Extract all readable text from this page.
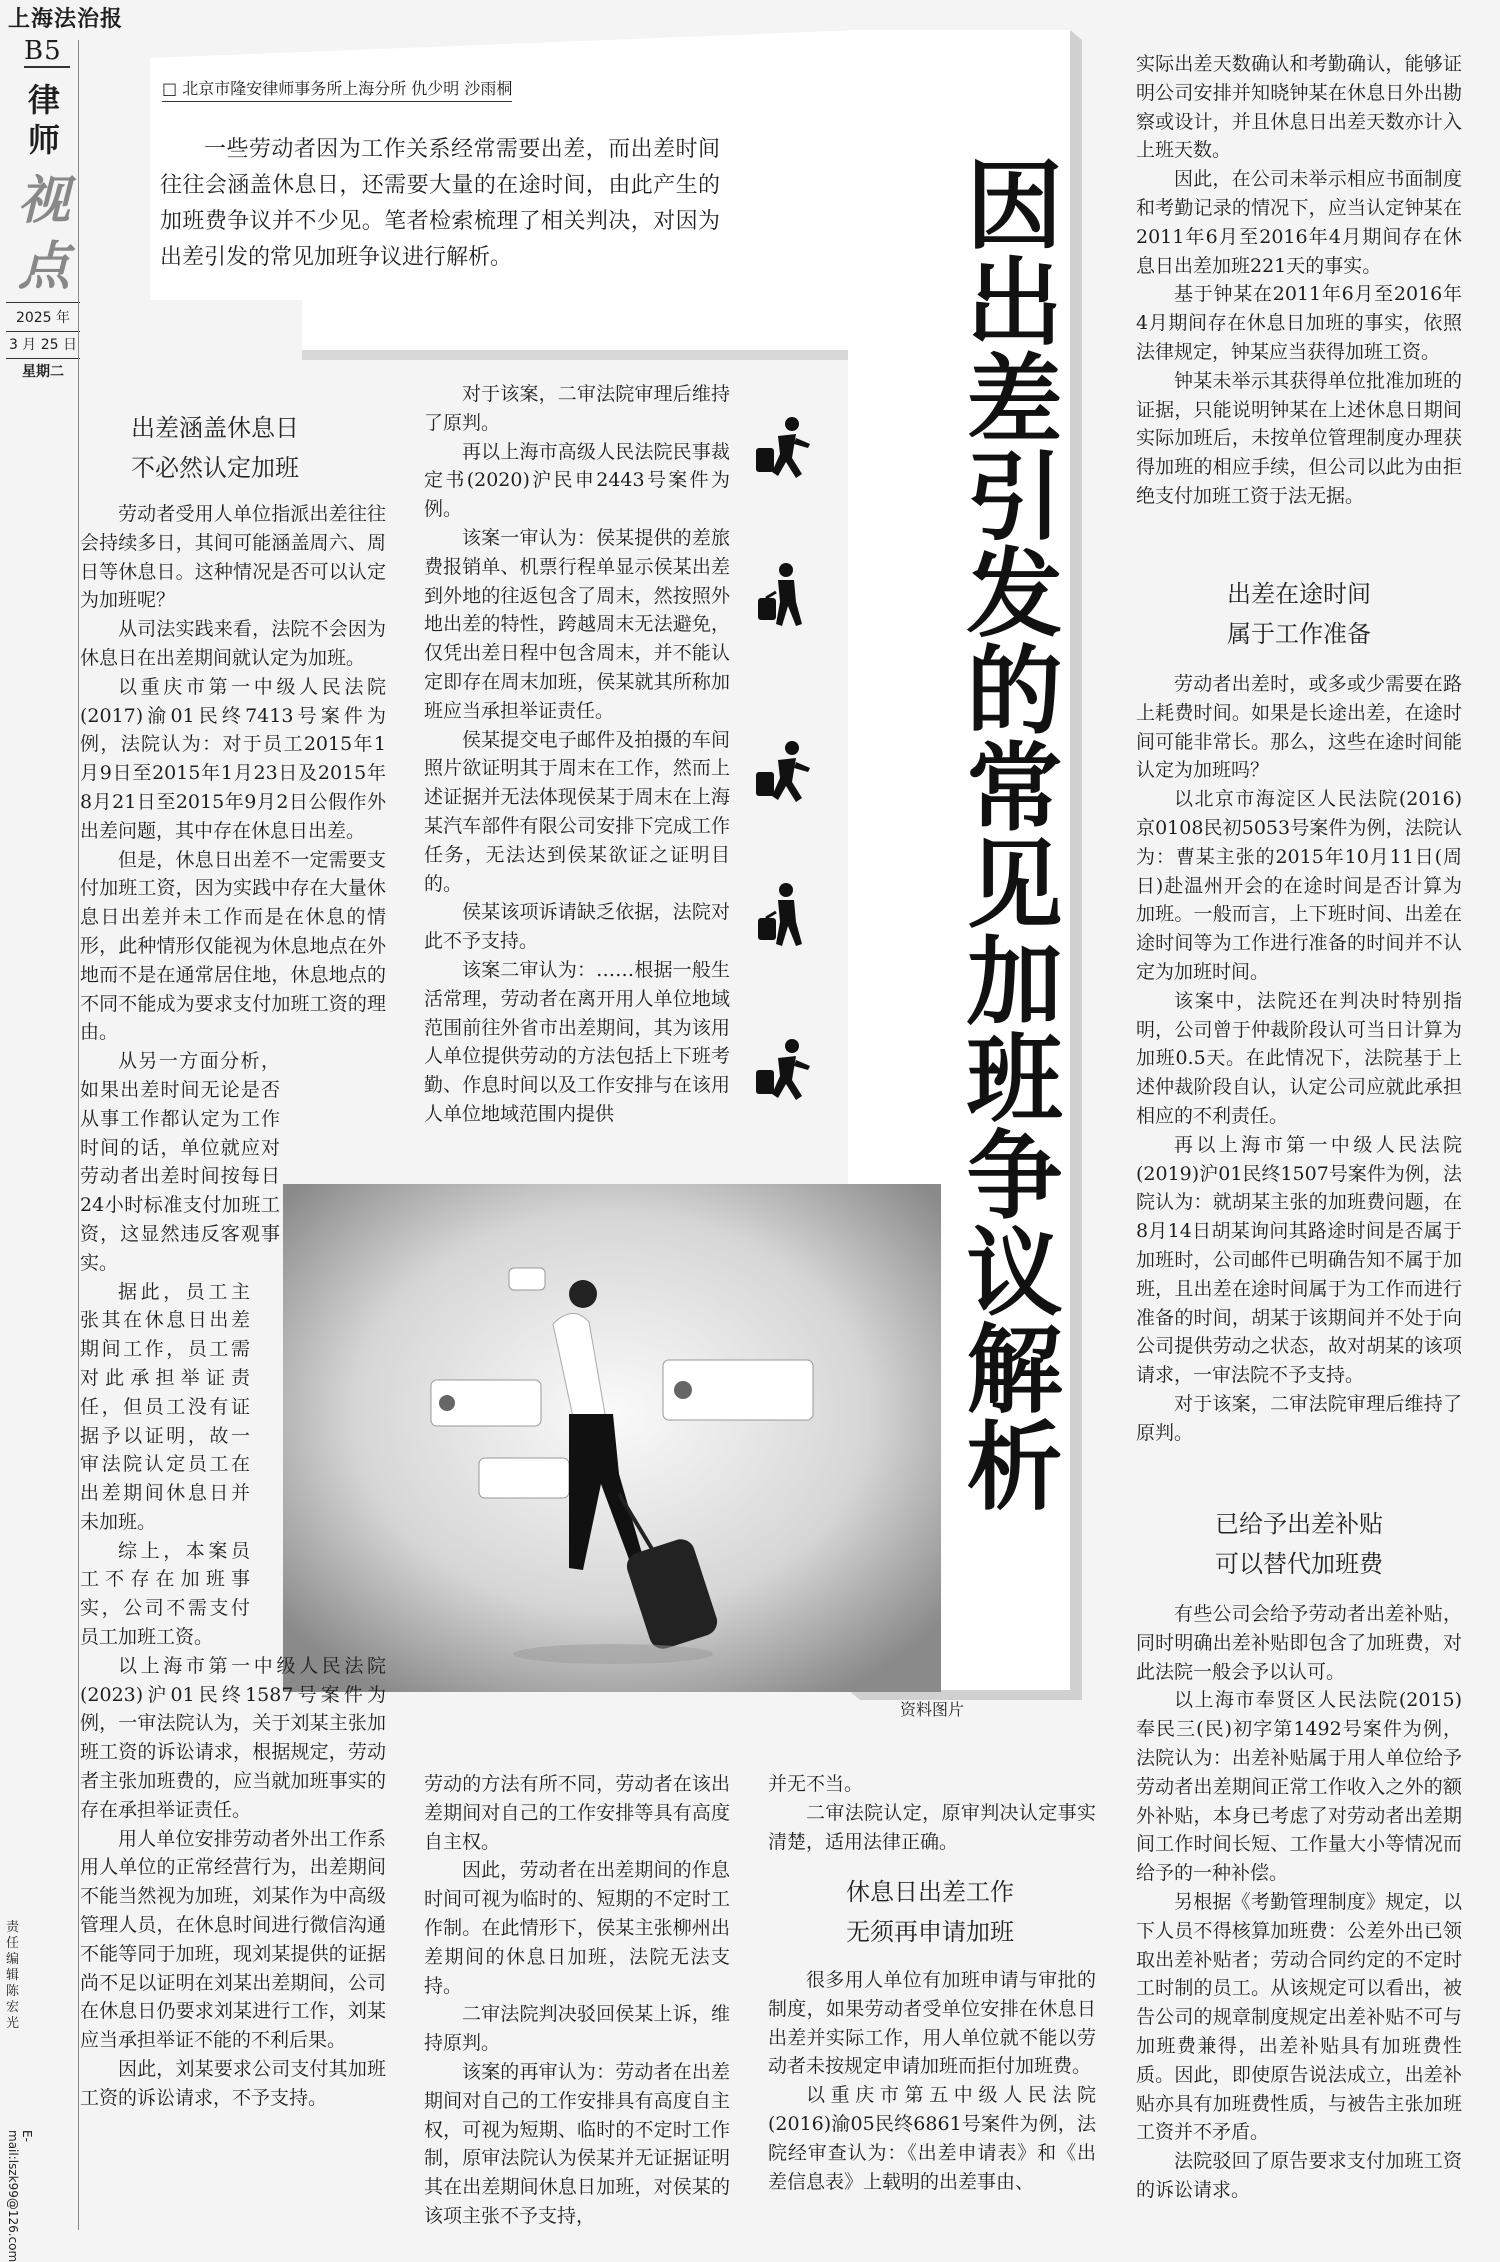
上海法治报
B5
律师
视点
2025 年
3 月 25 日
星期二
责任编辑 陈宏光
E-mail:lszk99@126.com
□ 北京市隆安律师事务所上海分所 仇少明 沙雨桐

一些劳动者因为工作关系经常需要出差，而出差时间往往会涵盖休息日，还需要大量的在途时间，由此产生的加班费争议并不少见。笔者检索梳理了相关判决，对因为出差引发的常见加班争议进行解析。	因出差引发的常见加班争议解析
资料图片
出差涵盖休息日
不必然认定加班

劳动者受用人单位指派出差往往会持续多日，其间可能涵盖周六、周日等休息日。这种情况是否可以认定为加班呢？

从司法实践来看，法院不会因为休息日在出差期间就认定为加班。

以重庆市第一中级人民法院(2017)渝01民终7413号案件为例，法院认为：对于员工2015年1月9日至2015年1月23日及2015年8月21日至2015年9月2日公假作外出差问题，其中存在休息日出差。

但是，休息日出差不一定需要支付加班工资，因为实践中存在大量休息日出差并未工作而是在休息的情形，此种情形仅能视为休息地点在外地而不是在通常居住地，休息地点的不同不能成为要求支付加班工资的理由。

从另一方面分析，如果出差时间无论是否从事工作都认定为工作时间的话，单位就应对劳动者出差时间按每日24小时标准支付加班工资，这显然违反客观事实。

据此，员工主张其在休息日出差期间工作，员工需对此承担举证责任，但员工没有证据予以证明，故一审法院认定员工在出差期间休息日并未加班。

综上，本案员工不存在加班事实，公司不需支付员工加班工资。

以上海市第一中级人民法院(2023)沪01民终1587号案件为例，一审法院认为，关于刘某主张加班工资的诉讼请求，根据规定，劳动者主张加班费的，应当就加班事实的存在承担举证责任。

用人单位安排劳动者外出工作系用人单位的正常经营行为，出差期间不能当然视为加班，刘某作为中高级管理人员，在休息时间进行微信沟通不能等同于加班，现刘某提供的证据尚不足以证明在刘某出差期间，公司在休息日仍要求刘某进行工作，刘某应当承担举证不能的不利后果。

因此，刘某要求公司支付其加班工资的诉讼请求，不予支持。

对于该案，二审法院审理后维持了原判。

再以上海市高级人民法院民事裁定书(2020)沪民申2443号案件为例。

该案一审认为：侯某提供的差旅费报销单、机票行程单显示侯某出差到外地的往返包含了周末，然按照外地出差的特性，跨越周末无法避免，仅凭出差日程中包含周末，并不能认定即存在周末加班，侯某就其所称加班应当承担举证责任。

侯某提交电子邮件及拍摄的车间照片欲证明其于周末在工作，然而上述证据并无法体现侯某于周末在上海某汽车部件有限公司安排下完成工作任务，无法达到侯某欲证之证明目的。

侯某该项诉请缺乏依据，法院对此不予支持。

该案二审认为：……根据一般生活常理，劳动者在离开用人单位地域范围前往外省市出差期间，其为该用人单位提供劳动的方法包括上下班考勤、作息时间以及工作安排与在该用人单位地域范围内提供

劳动的方法有所不同，劳动者在该出差期间对自己的工作安排等具有高度自主权。

因此，劳动者在出差期间的作息时间可视为临时的、短期的不定时工作制。在此情形下，侯某主张柳州出差期间的休息日加班，法院无法支持。

二审法院判决驳回侯某上诉，维持原判。

该案的再审认为：劳动者在出差期间对自己的工作安排具有高度自主权，可视为短期、临时的不定时工作制，原审法院认为侯某并无证据证明其在出差期间休息日加班，对侯某的该项主张不予支持，

并无不当。

二审法院认定，原审判决认定事实清楚，适用法律正确。

休息日出差工作
无须再申请加班

很多用人单位有加班申请与审批的制度，如果劳动者受单位安排在休息日出差并实际工作，用人单位就不能以劳动者未按规定申请加班而拒付加班费。

以重庆市第五中级人民法院(2016)渝05民终6861号案件为例，法院经审查认为：《出差申请表》和《出差信息表》上载明的出差事由、

实际出差天数确认和考勤确认，能够证明公司安排并知晓钟某在休息日外出勘察或设计，并且休息日出差天数亦计入上班天数。

因此，在公司未举示相应书面制度和考勤记录的情况下，应当认定钟某在2011年6月至2016年4月期间存在休息日出差加班221天的事实。

基于钟某在2011年6月至2016年4月期间存在休息日加班的事实，依照法律规定，钟某应当获得加班工资。

钟某未举示其获得单位批准加班的证据，只能说明钟某在上述休息日期间实际加班后，未按单位管理制度办理获得加班的相应手续，但公司以此为由拒绝支付加班工资于法无据。

出差在途时间
属于工作准备

劳动者出差时，或多或少需要在路上耗费时间。如果是长途出差，在途时间可能非常长。那么，这些在途时间能认定为加班吗？

以北京市海淀区人民法院(2016)京0108民初5053号案件为例，法院认为：曹某主张的2015年10月11日(周日)赴温州开会的在途时间是否计算为加班。一般而言，上下班时间、出差在途时间等为工作进行准备的时间并不认定为加班时间。

该案中，法院还在判决时特别指明，公司曾于仲裁阶段认可当日计算为加班0.5天。在此情况下，法院基于上述仲裁阶段自认，认定公司应就此承担相应的不利责任。

再以上海市第一中级人民法院(2019)沪01民终1507号案件为例，法院认为：就胡某主张的加班费问题，在8月14日胡某询问其路途时间是否属于加班时，公司邮件已明确告知不属于加班，且出差在途时间属于为工作而进行准备的时间，胡某于该期间并不处于向公司提供劳动之状态，故对胡某的该项请求，一审法院不予支持。

对于该案，二审法院审理后维持了原判。

已给予出差补贴
可以替代加班费

有些公司会给予劳动者出差补贴，同时明确出差补贴即包含了加班费，对此法院一般会予以认可。

以上海市奉贤区人民法院(2015)奉民三(民)初字第1492号案件为例，法院认为：出差补贴属于用人单位给予劳动者出差期间正常工作收入之外的额外补贴，本身已考虑了对劳动者出差期间工作时间长短、工作量大小等情况而给予的一种补偿。

另根据《考勤管理制度》规定，以下人员不得核算加班费：公差外出已领取出差补贴者；劳动合同约定的不定时工时制的员工。从该规定可以看出，被告公司的规章制度规定出差补贴不可与加班费兼得，出差补贴具有加班费性质。因此，即使原告说法成立，出差补贴亦具有加班费性质，与被告主张加班工资并不矛盾。

法院驳回了原告要求支付加班工资的诉讼请求。
